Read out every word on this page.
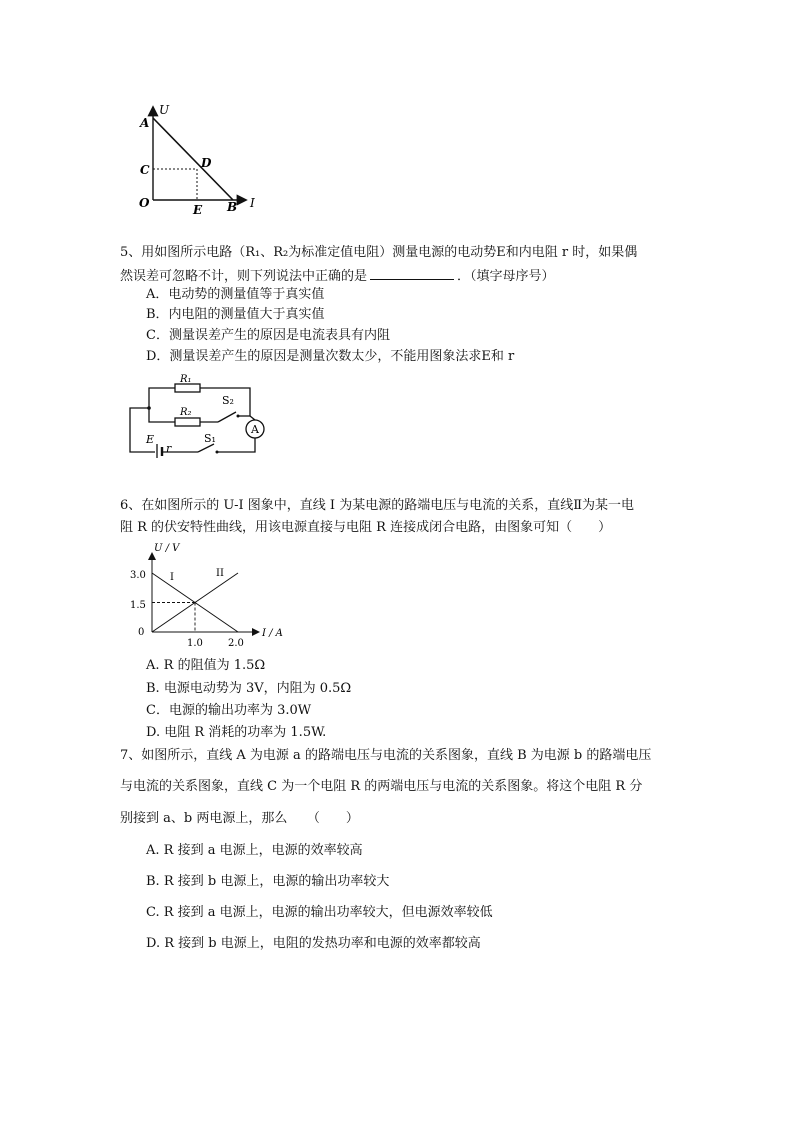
U
A
C	D
O	E B I
5、用如图所示电路（R₁、R₂为标准定值电阻）测量电源的电动势E和内电阻 r 时，如果偶
然误差可忽略不计，则下列说法中正确的是	．（填字母序号）
A．电动势的测量值等于真实值
B．内电阻的测量值大于真实值
C．测量误差产生的原因是电流表具有内阻
D．测量误差产生的原因是测量次数太少，不能用图象法求E和 r
A
R₁
R₂
S₂
S₁
E
r
6、在如图所示的 U-I 图象中，直线 I 为某电源的路端电压与电流的关系，直线Ⅱ为某一电
阻 R 的伏安特性曲线，用该电源直接与电阻 R 连接成闭合电路，由图象可知（　　）
U / V
I / A
3.0
1.5
0
1.0	2.0
I	II
A. R 的阻值为 1.5Ω
B. 电源电动势为 3V，内阻为 0.5Ω
C．电源的输出功率为 3.0W
D. 电阻 R 消耗的功率为 1.5W.
7、如图所示，直线 A 为电源 a 的路端电压与电流的关系图象，直线 B 为电源 b 的路端电压
与电流的关系图象，直线 C 为一个电阻 R 的两端电压与电流的关系图象。将这个电阻 R 分
别接到 a、b 两电源上，那么　　（　　）
A. R 接到 a 电源上，电源的效率较高
B. R 接到 b 电源上，电源的输出功率较大
C. R 接到 a 电源上，电源的输出功率较大，但电源效率较低
D. R 接到 b 电源上，电阻的发热功率和电源的效率都较高
